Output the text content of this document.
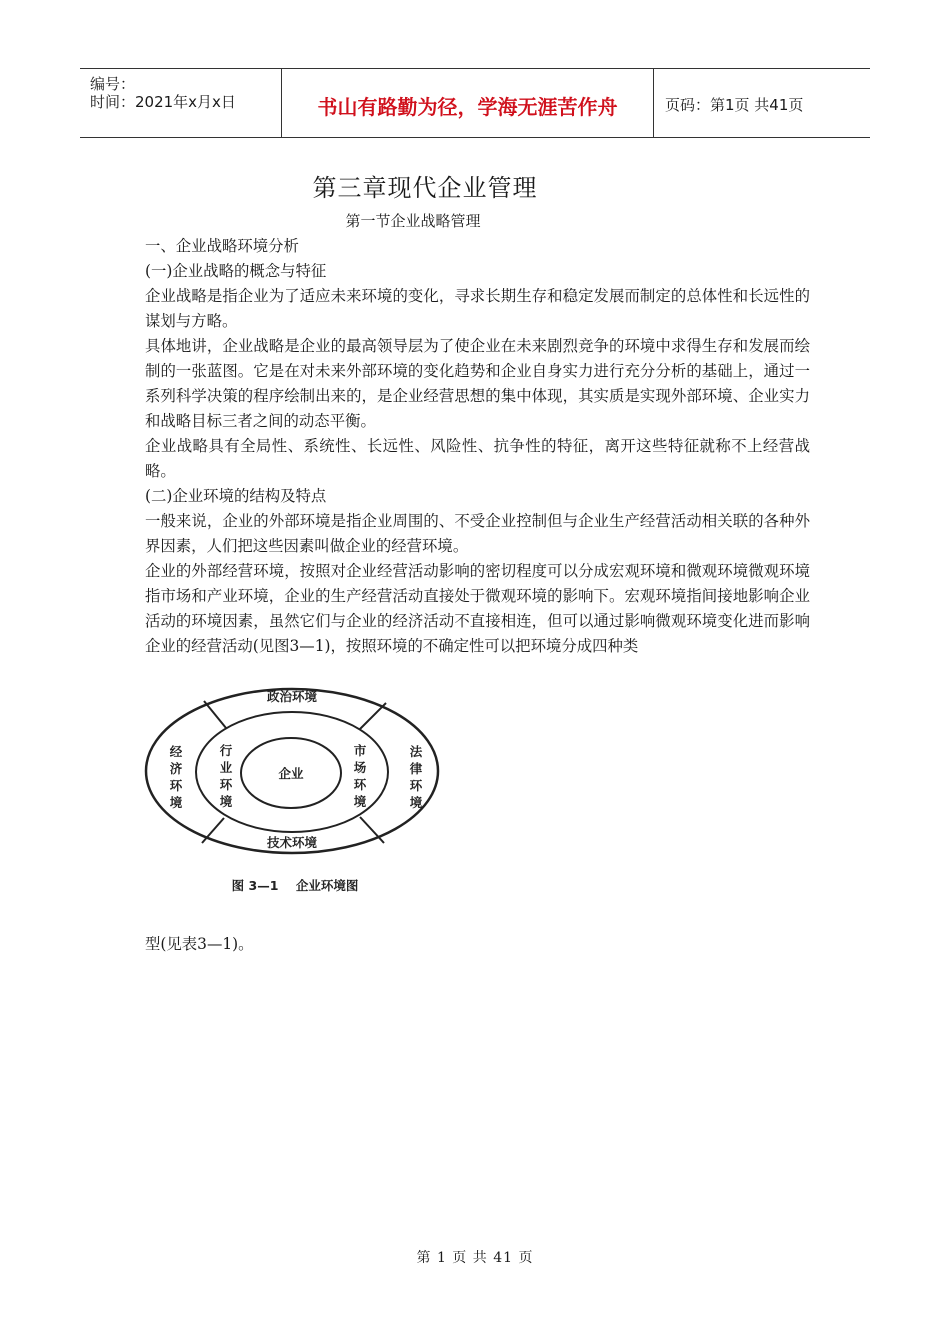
编号：
时间：2021年x月x日	书山有路勤为径，学海无涯苦作舟	页码：第1页 共41页
第三章现代企业管理
第一节企业战略管理

一、企业战略环境分析

(一)企业战略的概念与特征

企业战略是指企业为了适应未来环境的变化，寻求长期生存和稳定发展而制定的总体性和长远性的谋划与方略。

具体地讲，企业战略是企业的最高领导层为了使企业在未来剧烈竞争的环境中求得生存和发展而绘制的一张蓝图。它是在对未来外部环境的变化趋势和企业自身实力进行充分分析的基础上，通过一系列科学决策的程序绘制出来的，是企业经营思想的集中体现，其实质是实现外部环境、企业实力和战略目标三者之间的动态平衡。

企业战略具有全局性、系统性、长远性、风险性、抗争性的特征，离开这些特征就称不上经营战略。

(二)企业环境的结构及特点

一般来说，企业的外部环境是指企业周围的、不受企业控制但与企业生产经营活动相关联的各种外界因素，人们把这些因素叫做企业的经营环境。

企业的外部经营环境，按照对企业经营活动影响的密切程度可以分成宏观环境和微观环境微观环境指市场和产业环境，企业的生产经营活动直接处于微观环境的影响下。宏观环境指间接地影响企业活动的环境因素，虽然它们与企业的经济活动不直接相连，但可以通过影响微观环境变化进而影响企业的经营活动(见图3—1)，按照环境的不确定性可以把环境分成四种类

政治环境
技术环境
企业
经
济
环
境
法
律
环
境
行
业
环
境
市
场
环
境
图 3—1    企业环境图
型(见表3—1)。
第 1 页 共 41 页
